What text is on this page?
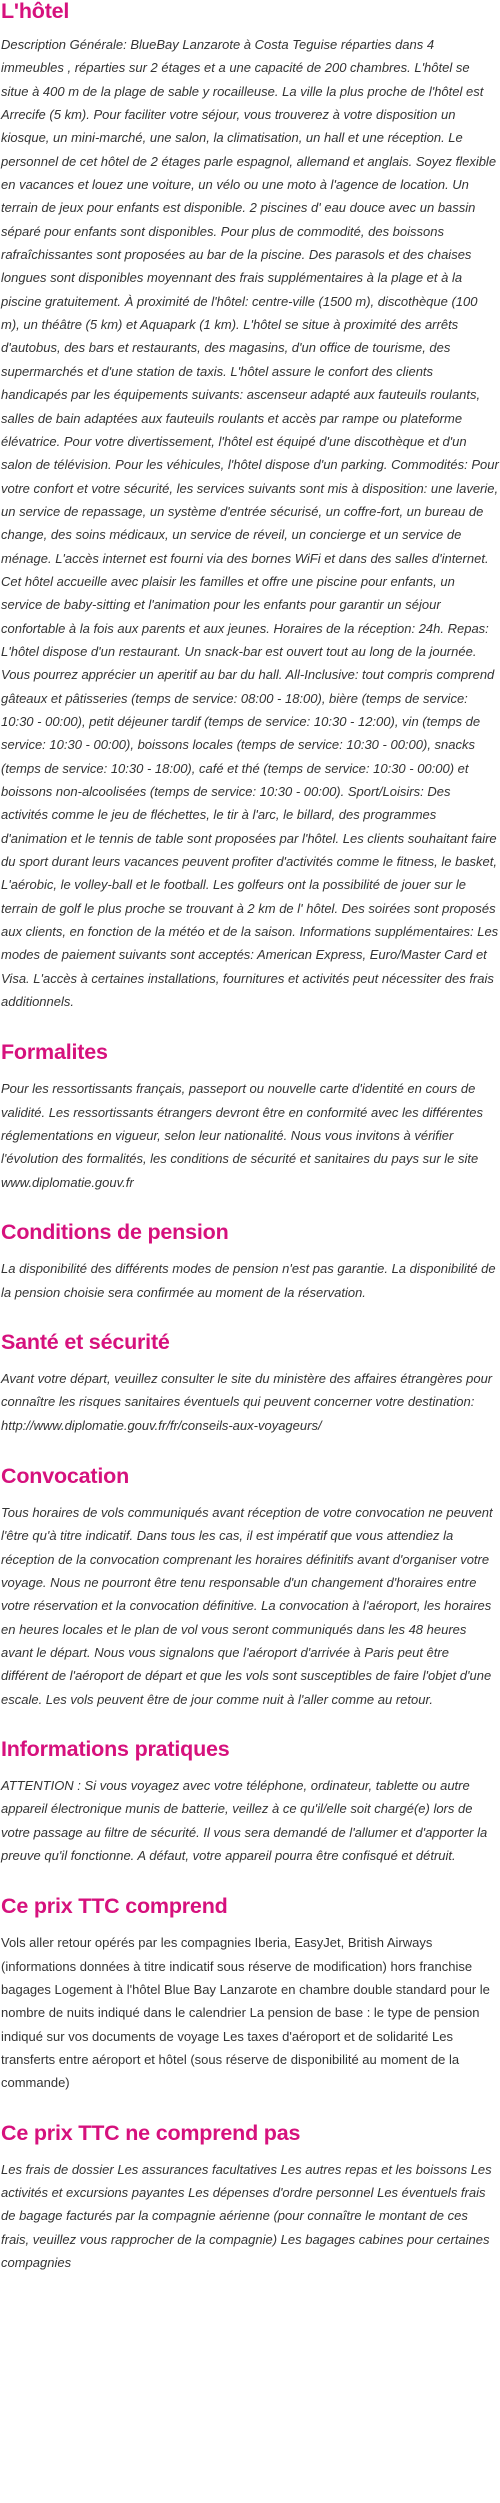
L'hôtel

Description Générale: BlueBay Lanzarote à Costa Teguise réparties dans 4 immeubles , réparties sur 2 étages et a une capacité de 200 chambres. L'hôtel se situe à 400 m de la plage de sable y rocailleuse. La ville la plus proche de l'hôtel est Arrecife (5 km). Pour faciliter votre séjour, vous trouverez à votre disposition un kiosque, un mini-marché, une salon, la climatisation, un hall et une réception. Le personnel de cet hôtel de 2 étages parle espagnol, allemand et anglais. Soyez flexible en vacances et louez une voiture, un vélo ou une moto à l'agence de location. Un terrain de jeux pour enfants est disponible. 2 piscines d' eau douce avec un bassin séparé pour enfants sont disponibles. Pour plus de commodité, des boissons rafraîchissantes sont proposées au bar de la piscine. Des parasols et des chaises longues sont disponibles moyennant des frais supplémentaires à la plage et à la piscine gratuitement. À proximité de l'hôtel: centre-ville (1500 m), discothèque (100 m), un théâtre (5 km) et Aquapark (1 km). L'hôtel se situe à proximité des arrêts d'autobus, des bars et restaurants, des magasins, d'un office de tourisme, des supermarchés et d'une station de taxis. L'hôtel assure le confort des clients handicapés par les équipements suivants: ascenseur adapté aux fauteuils roulants, salles de bain adaptées aux fauteuils roulants et accès par rampe ou plateforme élévatrice. Pour votre divertissement, l'hôtel est équipé d'une discothèque et d'un salon de télévision. Pour les véhicules, l'hôtel dispose d'un parking. Commodités: Pour votre confort et votre sécurité, les services suivants sont mis à disposition: une laverie, un service de repassage, un système d'entrée sécurisé, un coffre-fort, un bureau de change, des soins médicaux, un service de réveil, un concierge et un service de ménage. L'accès internet est fourni via des bornes WiFi et dans des salles d'internet. Cet hôtel accueille avec plaisir les familles et offre une piscine pour enfants, un service de baby-sitting et l'animation pour les enfants pour garantir un séjour confortable à la fois aux parents et aux jeunes. Horaires de la réception: 24h. Repas: L'hôtel dispose d'un restaurant. Un snack-bar est ouvert tout au long de la journée. Vous pourrez apprécier un aperitif au bar du hall. All-Inclusive: tout compris comprend gâteaux et pâtisseries (temps de service: 08:00 - 18:00), bière (temps de service: 10:30 - 00:00), petit déjeuner tardif (temps de service: 10:30 - 12:00), vin (temps de service: 10:30 - 00:00), boissons locales (temps de service: 10:30 - 00:00), snacks (temps de service: 10:30 - 18:00), café et thé (temps de service: 10:30 - 00:00) et boissons non-alcoolisées (temps de service: 10:30 - 00:00). Sport/Loisirs: Des activités comme le jeu de fléchettes, le tir à l'arc, le billard, des programmes d'animation et le tennis de table sont proposées par l'hôtel. Les clients souhaitant faire du sport durant leurs vacances peuvent profiter d'activités comme le fitness, le basket, L'aérobic, le volley-ball et le football. Les golfeurs ont la possibilité de jouer sur le terrain de golf le plus proche se trouvant à 2 km de l' hôtel. Des soirées sont proposés aux clients, en fonction de la météo et de la saison. Informations supplémentaires: Les modes de paiement suivants sont acceptés: American Express, Euro/Master Card et Visa. L'accès à certaines installations, fournitures et activités peut nécessiter des frais additionnels.

Formalites

Pour les ressortissants français, passeport ou nouvelle carte d'identité en cours de validité. Les ressortissants étrangers devront être en conformité avec les différentes réglementations en vigueur, selon leur nationalité. Nous vous invitons à vérifier l'évolution des formalités, les conditions de sécurité et sanitaires du pays sur le site www.diplomatie.gouv.fr

Conditions de pension

La disponibilité des différents modes de pension n'est pas garantie. La disponibilité de la pension choisie sera confirmée au moment de la réservation.

Santé et sécurité

Avant votre départ, veuillez consulter le site du ministère des affaires étrangères pour connaître les risques sanitaires éventuels qui peuvent concerner votre destination: http://www.diplomatie.gouv.fr/fr/conseils-aux-voyageurs/

Convocation

Tous horaires de vols communiqués avant réception de votre convocation ne peuvent l'être qu'à titre indicatif. Dans tous les cas, il est impératif que vous attendiez la réception de la convocation comprenant les horaires définitifs avant d'organiser votre voyage. Nous ne pourront être tenu responsable d'un changement d'horaires entre votre réservation et la convocation définitive. La convocation à l'aéroport, les horaires en heures locales et le plan de vol vous seront communiqués dans les 48 heures avant le départ. Nous vous signalons que l'aéroport d'arrivée à Paris peut être différent de l'aéroport de départ et que les vols sont susceptibles de faire l'objet d'une escale. Les vols peuvent être de jour comme nuit à l'aller comme au retour.

Informations pratiques

ATTENTION : Si vous voyagez avec votre téléphone, ordinateur, tablette ou autre appareil électronique munis de batterie, veillez à ce qu'il/elle soit chargé(e) lors de votre passage au filtre de sécurité. Il vous sera demandé de l'allumer et d'apporter la preuve qu'il fonctionne. A défaut, votre appareil pourra être confisqué et détruit.

Ce prix TTC comprend

Vols aller retour opérés par les compagnies Iberia, EasyJet, British Airways (informations données à titre indicatif sous réserve de modification) hors franchise bagages Logement à l'hôtel Blue Bay Lanzarote en chambre double standard pour le nombre de nuits indiqué dans le calendrier La pension de base : le type de pension indiqué sur vos documents de voyage Les taxes d'aéroport et de solidarité Les transferts entre aéroport et hôtel (sous réserve de disponibilité au moment de la commande)

Ce prix TTC ne comprend pas

Les frais de dossier Les assurances facultatives Les autres repas et les boissons Les activités et excursions payantes Les dépenses d'ordre personnel Les éventuels frais de bagage facturés par la compagnie aérienne (pour connaître le montant de ces frais, veuillez vous rapprocher de la compagnie) Les bagages cabines pour certaines compagnies
